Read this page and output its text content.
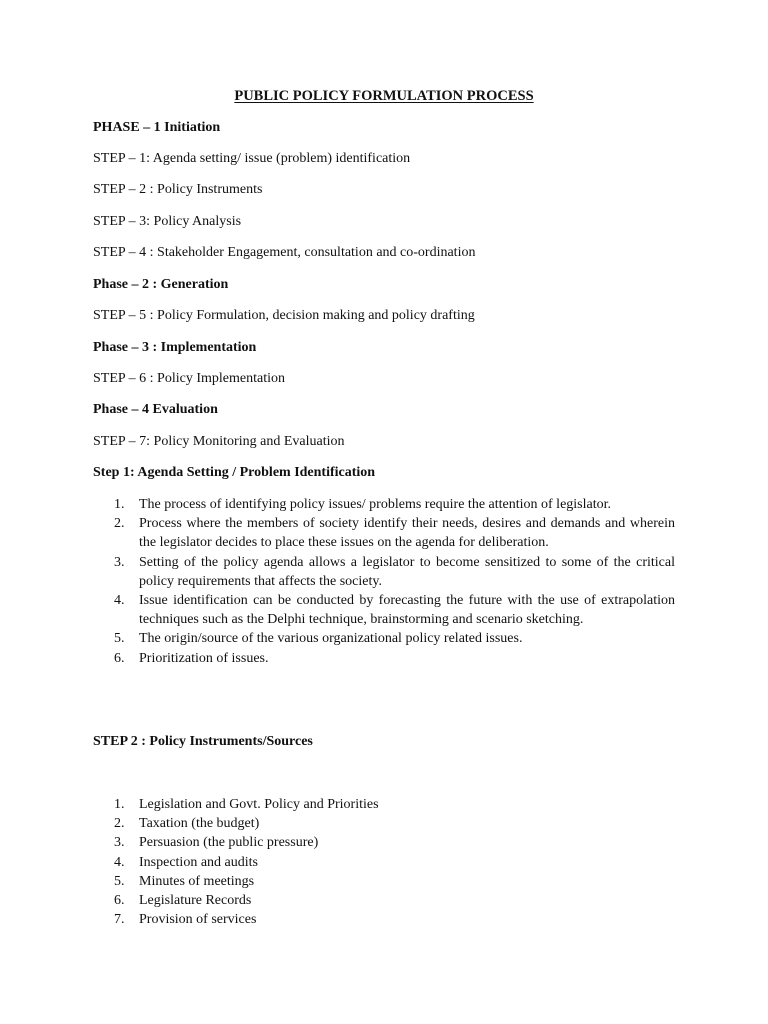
PUBLIC POLICY FORMULATION PROCESS
PHASE – 1 Initiation
STEP – 1: Agenda setting/ issue (problem) identification
STEP – 2 : Policy Instruments
STEP – 3: Policy Analysis
STEP – 4 : Stakeholder Engagement, consultation and co-ordination
Phase – 2 : Generation
STEP – 5 : Policy Formulation, decision making and policy drafting
Phase – 3 : Implementation
STEP – 6 : Policy Implementation
Phase – 4 Evaluation
STEP – 7: Policy Monitoring and Evaluation
Step 1: Agenda Setting / Problem Identification
1. The process of identifying policy issues/ problems require the attention of legislator.
2. Process where the members of society identify their needs, desires and demands and wherein the legislator decides to place these issues on the agenda for deliberation.
3. Setting of the policy agenda allows a legislator to become sensitized to some of the critical policy requirements that affects the society.
4. Issue identification can be conducted by forecasting the future with the use of extrapolation techniques such as the Delphi technique, brainstorming and scenario sketching.
5. The origin/source of the various organizational policy related issues.
6. Prioritization of issues.
STEP 2 : Policy Instruments/Sources
1. Legislation and Govt. Policy and Priorities
2. Taxation (the budget)
3. Persuasion (the public pressure)
4. Inspection and audits
5. Minutes of meetings
6. Legislature Records
7. Provision of services
